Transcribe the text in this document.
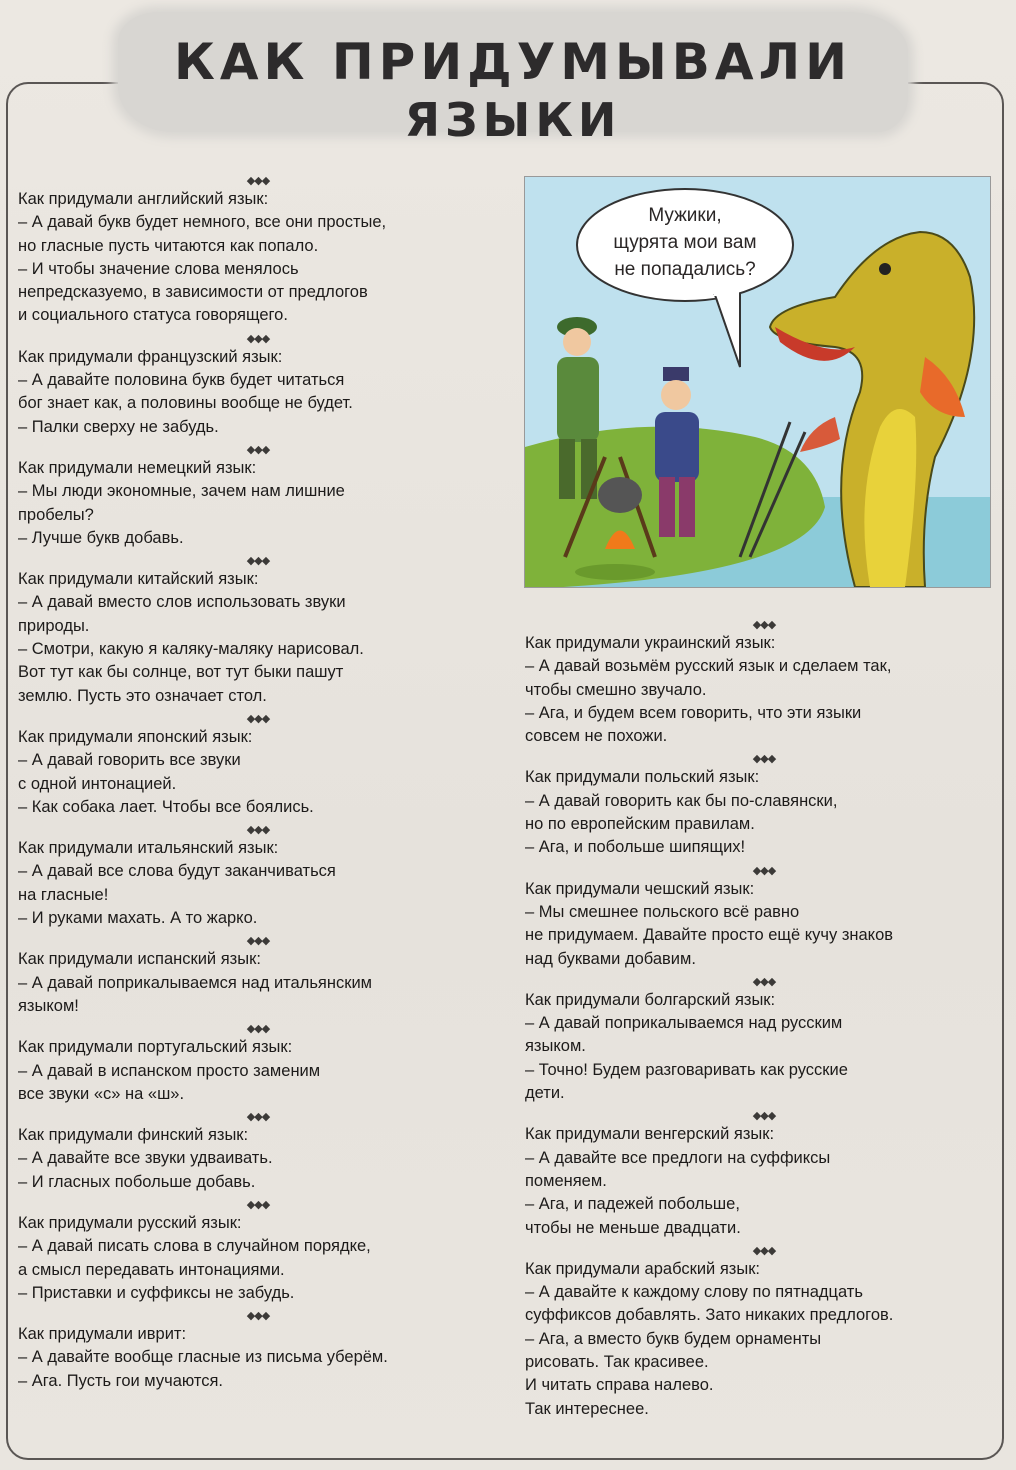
КАК ПРИДУМЫВАЛИ

ЯЗЫКИ

Мужики,
щурята мои вам
не попадались?
◆◆◆

Как придумали английский язык:

– А давай букв будет немного, все они простые,

но гласные пусть читаются как попало.

– И чтобы значение слова менялось

непредсказуемо, в зависимости от предлогов

и социального статуса говорящего.

◆◆◆

Как придумали французский язык:

– А давайте половина букв будет читаться

бог знает как, а половины вообще не будет.

– Палки сверху не забудь.

◆◆◆

Как придумали немецкий язык:

– Мы люди экономные, зачем нам лишние

пробелы?

– Лучше букв добавь.

◆◆◆

Как придумали китайский язык:

– А давай вместо слов использовать звуки

природы.

– Смотри, какую я каляку-маляку нарисовал.

Вот тут как бы солнце, вот тут быки пашут

землю. Пусть это означает стол.

◆◆◆

Как придумали японский язык:

– А давай говорить все звуки

с одной интонацией.

– Как собака лает. Чтобы все боялись.

◆◆◆

Как придумали итальянский язык:

– А давай все слова будут заканчиваться

на гласные!

– И руками махать. А то жарко.

◆◆◆

Как придумали испанский язык:

– А давай поприкалываемся над итальянским

языком!

◆◆◆

Как придумали португальский язык:

– А давай в испанском просто заменим

все звуки «с» на «ш».

◆◆◆

Как придумали финский язык:

– А давайте все звуки удваивать.

– И гласных побольше добавь.

◆◆◆

Как придумали русский язык:

– А давай писать слова в случайном порядке,

а смысл передавать интонациями.

– Приставки и суффиксы не забудь.

◆◆◆

Как придумали иврит:

– А давайте вообще гласные из письма уберём.

– Ага. Пусть гои мучаются.

◆◆◆

Как придумали украинский язык:

– А давай возьмём русский язык и сделаем так,

чтобы смешно звучало.

– Ага, и будем всем говорить, что эти языки

совсем не похожи.

◆◆◆

Как придумали польский язык:

– А давай говорить как бы по-славянски,

но по европейским правилам.

– Ага, и побольше шипящих!

◆◆◆

Как придумали чешский язык:

– Мы смешнее польского всё равно

не придумаем. Давайте просто ещё кучу знаков

над буквами добавим.

◆◆◆

Как придумали болгарский язык:

– А давай поприкалываемся над русским

языком.

– Точно! Будем разговаривать как русские

дети.

◆◆◆

Как придумали венгерский язык:

– А давайте все предлоги на суффиксы

поменяем.

– Ага, и падежей побольше,

чтобы не меньше двадцати.

◆◆◆

Как придумали арабский язык:

– А давайте к каждому слову по пятнадцать

суффиксов добавлять. Зато никаких предлогов.

– Ага, а вместо букв будем орнаменты

рисовать. Так красивее.

И читать справа налево.

Так интереснее.
